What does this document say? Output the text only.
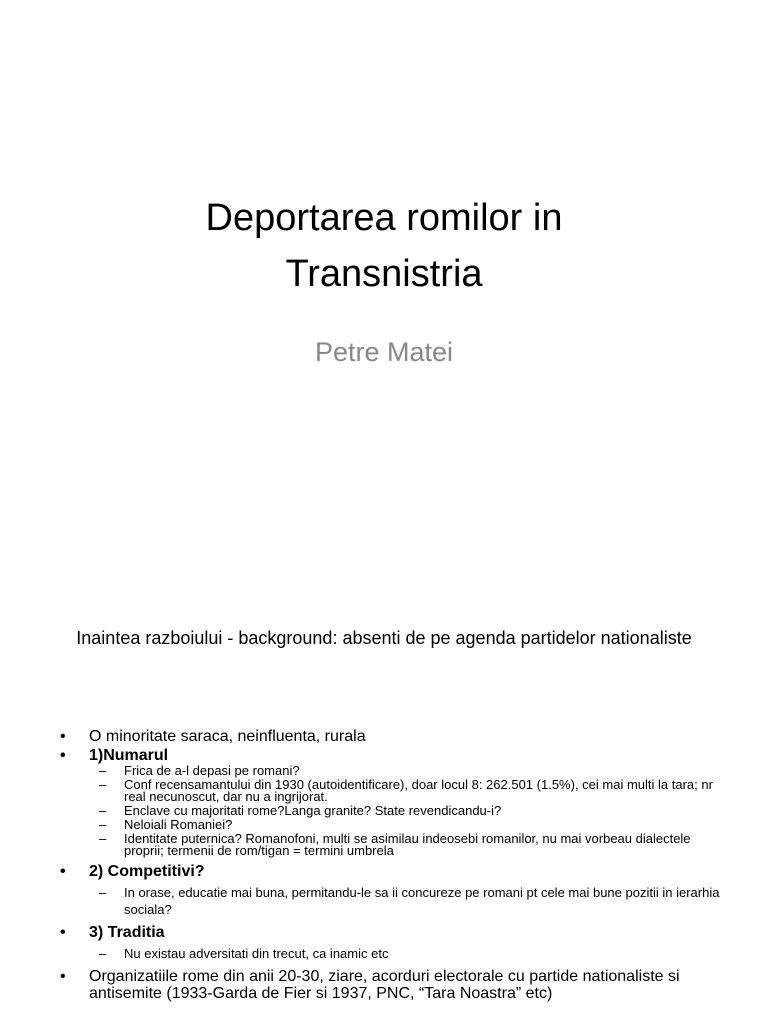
Deportarea romilor in
Transnistria
Petre Matei
Inaintea razboiului - background: absenti de pe agenda partidelor nationaliste
• O minoritate saraca, neinfluenta, rurala
• 1)Numarul
– Frica de a-l depasi pe romani?
– Conf recensamantului din 1930 (autoidentificare), doar locul 8: 262.501 (1.5%), cei mai multi la tara; nr real necunoscut, dar nu a ingrijorat.
– Enclave cu majoritati rome?Langa granite? State revendicandu-i?
– Neloiali Romaniei?
– Identitate puternica? Romanofoni, multi se asimilau indeosebi romanilor, nu mai vorbeau dialectele proprii; termenii de rom/tigan = termini umbrela
• 2) Competitivi?
– In orase, educatie mai buna, permitandu-le sa ii concureze pe romani pt cele mai bune pozitii in ierarhia sociala?
• 3) Traditia
– Nu existau adversitati din trecut, ca inamic etc
• Organizatiile rome din anii 20-30, ziare, acorduri electorale cu partide nationaliste si antisemite (1933-Garda de Fier si 1937, PNC, “Tara Noastra” etc)
